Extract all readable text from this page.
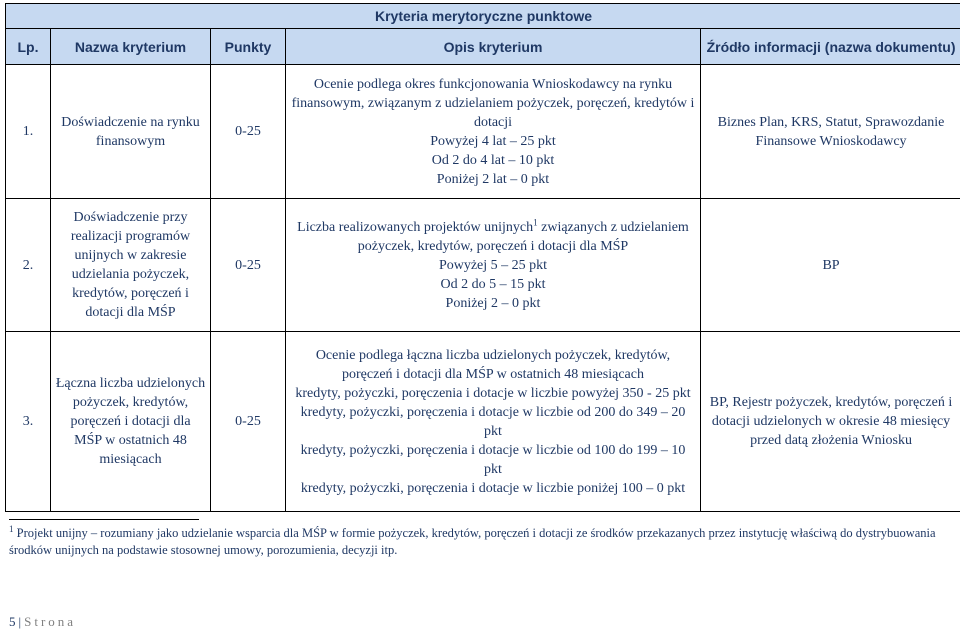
Kryteria merytoryczne punktowe				
Lp.	Nazwa kryterium	Punkty	Opis kryterium	Źródło informacji (nazwa dokumentu)
1.	Doświadczenie na rynku finansowym	0-25	Ocenie podlega okres funkcjonowania Wnioskodawcy na rynku finansowym, związanym z udzielaniem pożyczek, poręczeń, kredytów i dotacji
Powyżej 4 lat – 25 pkt
Od 2 do 4 lat – 10 pkt
Poniżej 2 lat – 0 pkt	Biznes Plan, KRS, Statut, Sprawozdanie Finansowe Wnioskodawcy
2.	Doświadczenie przy realizacji programów unijnych w zakresie udzielania pożyczek, kredytów, poręczeń i dotacji dla MŚP	0-25	Liczba realizowanych projektów unijnych$^1$ związanych z udzielaniem pożyczek, kredytów, poręczeń i dotacji dla MŚP
Powyżej 5 – 25 pkt
Od 2 do 5 – 15 pkt
Poniżej 2 – 0 pkt	BP
3.	Łączna liczba udzielonych pożyczek, kredytów, poręczeń i dotacji dla MŚP w ostatnich 48 miesiącach	0-25	Ocenie podlega łączna liczba udzielonych pożyczek, kredytów, poręczeń i dotacji dla MŚP w ostatnich 48 miesiącach
kredyty, pożyczki, poręczenia i dotacje w liczbie powyżej 350 - 25 pkt
kredyty, pożyczki, poręczenia i dotacje w liczbie od 200 do 349 – 20 pkt
kredyty, pożyczki, poręczenia i dotacje w liczbie od 100 do 199 – 10 pkt
kredyty, pożyczki, poręczenia i dotacje w liczbie poniżej 100 – 0 pkt	BP, Rejestr pożyczek, kredytów, poręczeń i dotacji udzielonych w okresie 48 miesięcy przed datą złożenia Wniosku
$^1$ Projekt unijny – rozumiany jako udzielanie wsparcia dla MŚP w formie pożyczek, kredytów, poręczeń i dotacji ze środków przekazanych przez instytucję właściwą do dystrybuowania środków unijnych na podstawie stosownej umowy, porozumienia, decyzji itp.
5 | Strona
